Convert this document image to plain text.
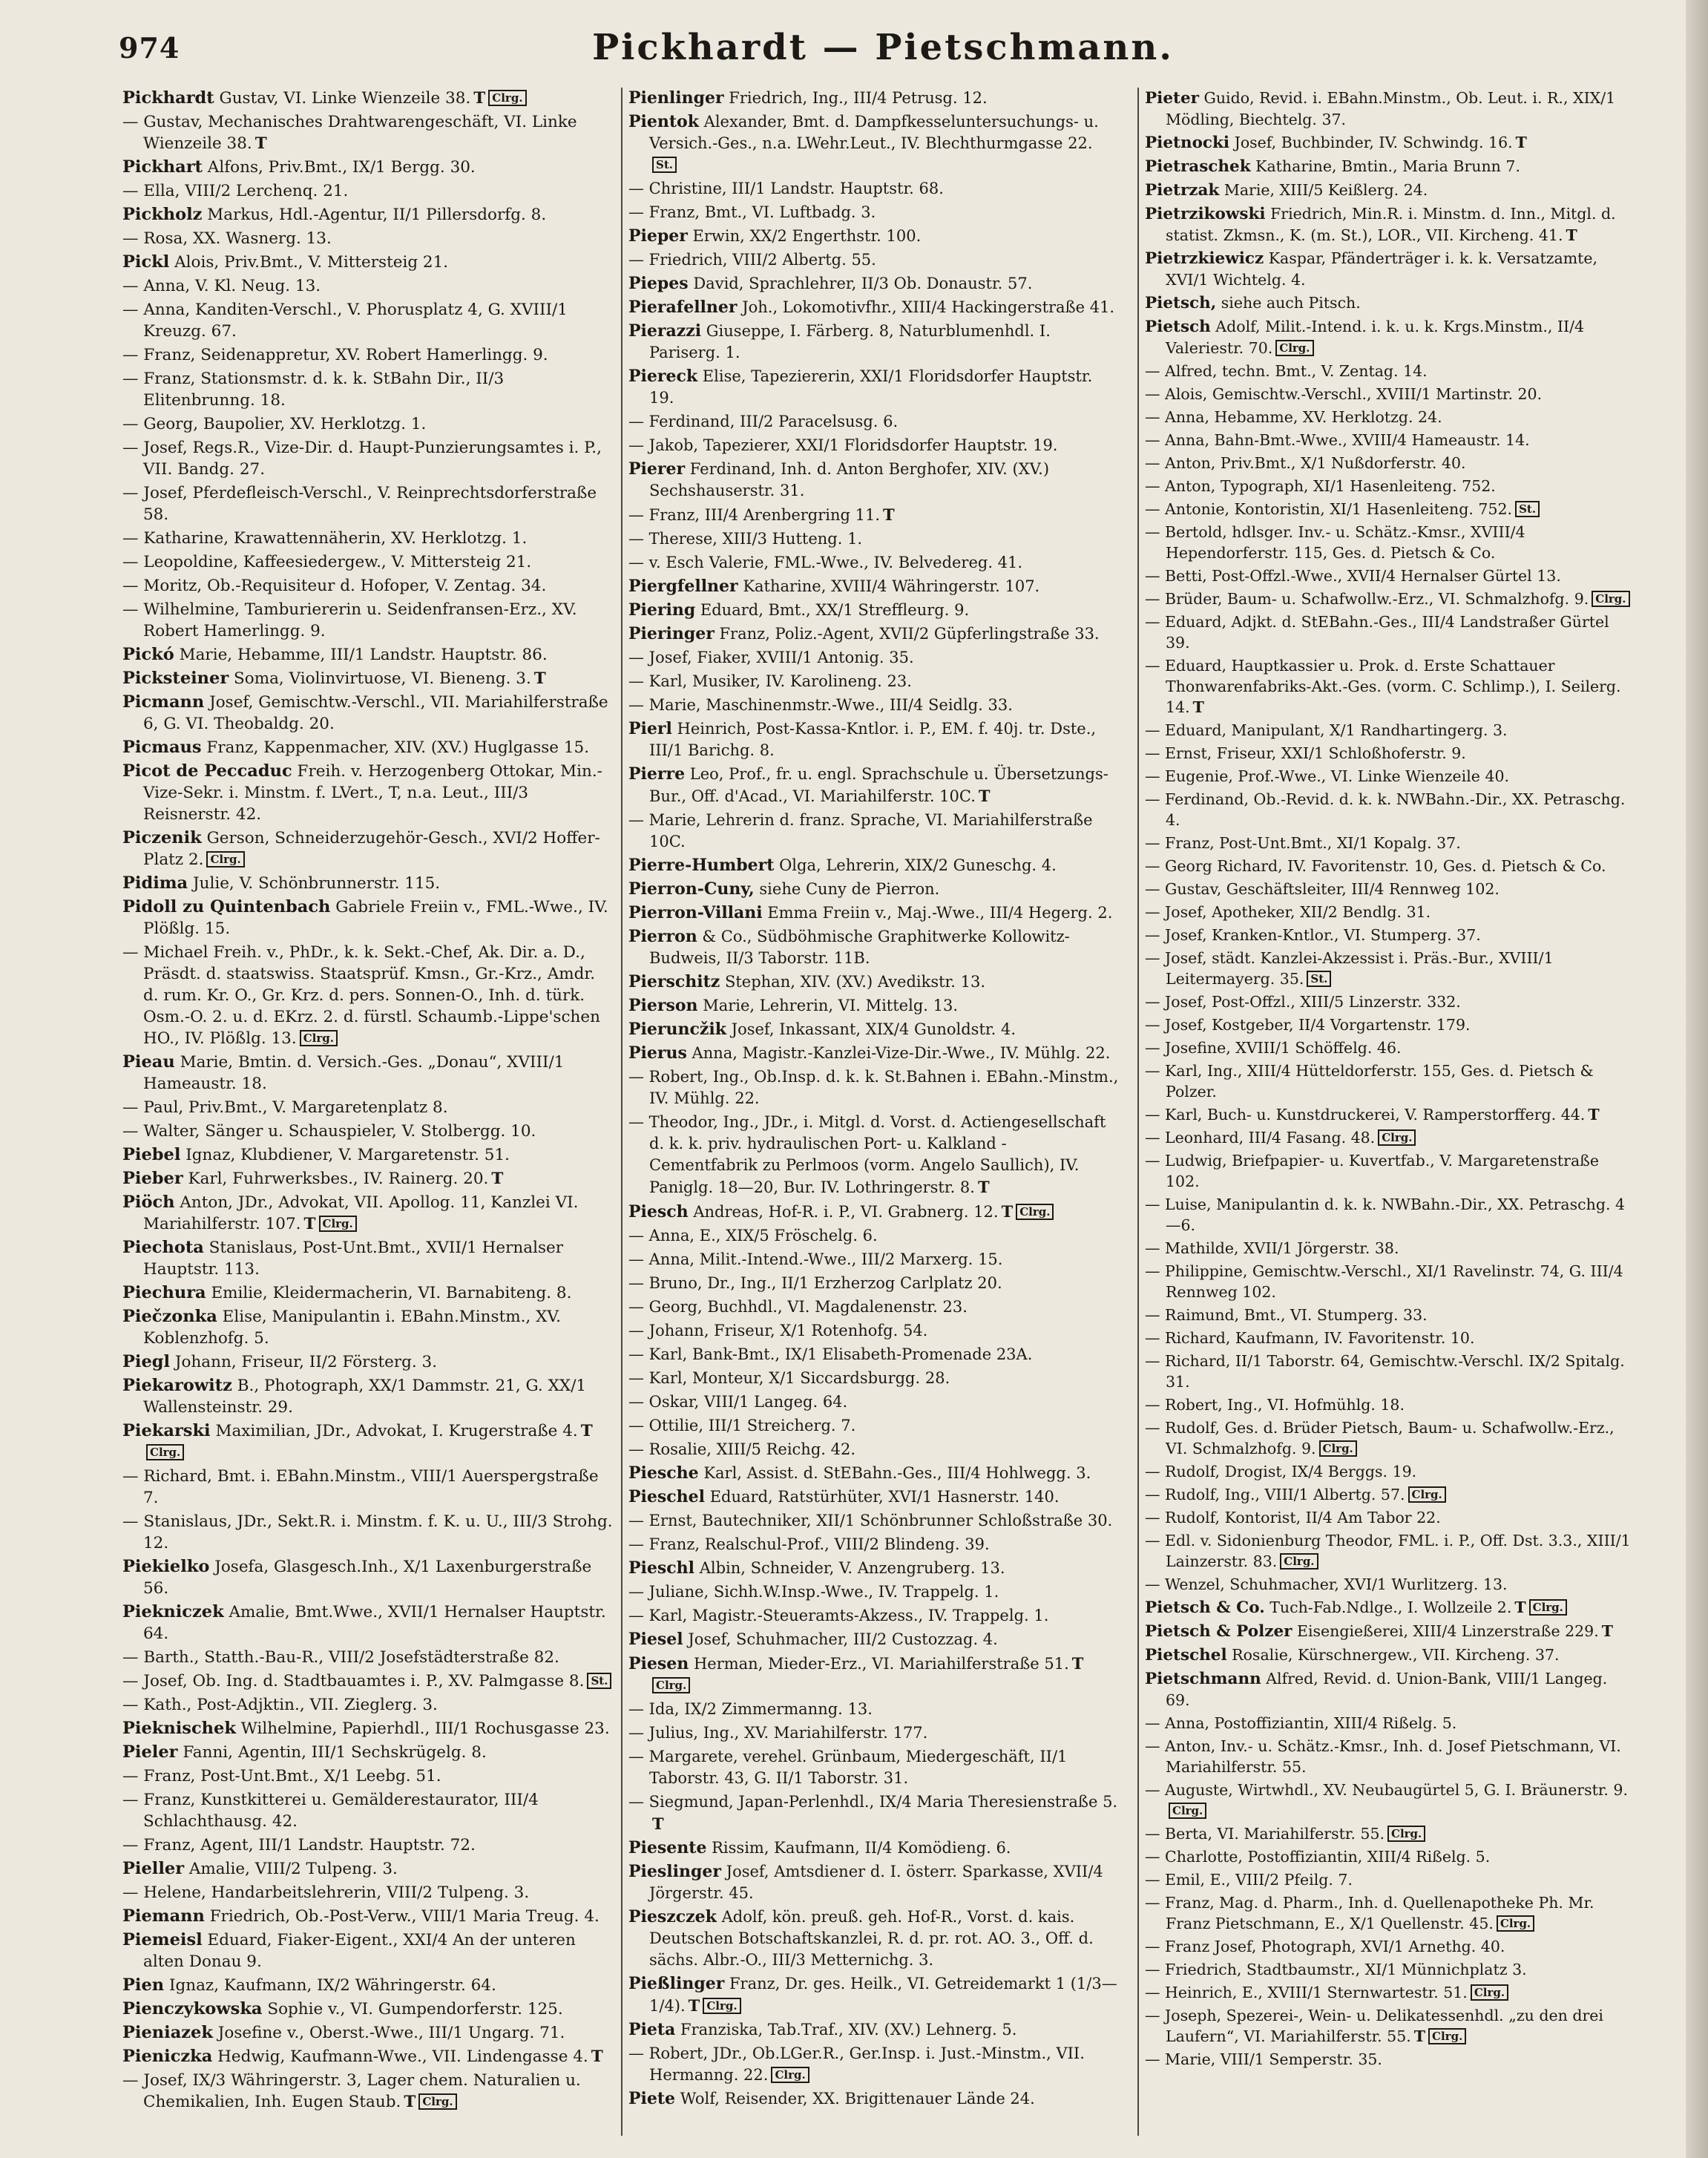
974	Pickhardt — Pietschmann.
Pickhardt Gustav, VI. Linke Wienzeile 38. T Clrg.
— Gustav, Mechanisches Drahtwarengeschäft, VI. Linke Wienzeile 38. T
Pickhart Alfons, Priv.Bmt., IX/1 Bergg. 30.
— Ella, VIII/2 Lerchenq. 21.
Pickholz Markus, Hdl.-Agentur, II/1 Pillersdorfg. 8.
— Rosa, XX. Wasnerg. 13.
Pickl Alois, Priv.Bmt., V. Mittersteig 21.
— Anna, V. Kl. Neug. 13.
— Anna, Kanditen-Verschl., V. Phorusplatz 4, G. XVIII/1 Kreuzg. 67.
— Franz, Seidenappretur, XV. Robert Hamerlingg. 9.
— Franz, Stationsmstr. d. k. k. StBahn Dir., II/3 Elitenbrunng. 18.
— Georg, Baupolier, XV. Herklotzg. 1.
— Josef, Regs.R., Vize-Dir. d. Haupt-Punzierungsamtes i. P., VII. Bandg. 27.
— Josef, Pferdefleisch-Verschl., V. Reinprechtsdorferstraße 58.
— Katharine, Krawattennäherin, XV. Herklotzg. 1.
— Leopoldine, Kaffeesiedergew., V. Mittersteig 21.
— Moritz, Ob.-Requisiteur d. Hofoper, V. Zentag. 34.
— Wilhelmine, Tamburiererin u. Seidenfransen-Erz., XV. Robert Hamerlingg. 9.
Pickó Marie, Hebamme, III/1 Landstr. Hauptstr. 86.
Picksteiner Soma, Violinvirtuose, VI. Bieneng. 3. T
Picmann Josef, Gemischtw.-Verschl., VII. Mariahilferstraße 6, G. VI. Theobaldg. 20.
Picmaus Franz, Kappenmacher, XIV. (XV.) Huglgasse 15.
Picot de Peccaduc Freih. v. Herzogenberg Ottokar, Min.-Vize-Sekr. i. Minstm. f. LVert., T, n.a. Leut., III/3 Reisnerstr. 42.
Piczenik Gerson, Schneiderzugehör-Gesch., XVI/2 Hoffer-Platz 2. Clrg.
Pidima Julie, V. Schönbrunnerstr. 115.
Pidoll zu Quintenbach Gabriele Freiin v., FML.-Wwe., IV. Plößlg. 15.
— Michael Freih. v., PhDr., k. k. Sekt.-Chef, Ak. Dir. a. D., Präsdt. d. staatswiss. Staatsprüf. Kmsn., Gr.-Krz., Amdr. d. rum. Kr. O., Gr. Krz. d. pers. Sonnen-O., Inh. d. türk. Osm.-O. 2. u. d. EKrz. 2. d. fürstl. Schaumb.-Lippe'schen HO., IV. Plößlg. 13. Clrg.
Pieau Marie, Bmtin. d. Versich.-Ges. „Donau“, XVIII/1 Hameaustr. 18.
— Paul, Priv.Bmt., V. Margaretenplatz 8.
— Walter, Sänger u. Schauspieler, V. Stolbergg. 10.
Piebel Ignaz, Klubdiener, V. Margaretenstr. 51.
Pieber Karl, Fuhrwerksbes., IV. Rainerg. 20. T
Piöch Anton, JDr., Advokat, VII. Apollog. 11, Kanzlei VI. Mariahilferstr. 107. T Clrg.
Piechota Stanislaus, Post-Unt.Bmt., XVII/1 Hernalser Hauptstr. 113.
Piechura Emilie, Kleidermacherin, VI. Barnabiteng. 8.
Piečzonka Elise, Manipulantin i. EBahn.Minstm., XV. Koblenzhofg. 5.
Piegl Johann, Friseur, II/2 Försterg. 3.
Piekarowitz B., Photograph, XX/1 Dammstr. 21, G. XX/1 Wallensteinstr. 29.
Piekarski Maximilian, JDr., Advokat, I. Krugerstraße 4. TClrg.
— Richard, Bmt. i. EBahn.Minstm., VIII/1 Auerspergstraße 7.
— Stanislaus, JDr., Sekt.R. i. Minstm. f. K. u. U., III/3 Strohg. 12.
Piekielko Josefa, Glasgesch.Inh., X/1 Laxenburgerstraße 56.
Piekniczek Amalie, Bmt.Wwe., XVII/1 Hernalser Hauptstr. 64.
— Barth., Statth.-Bau-R., VIII/2 Josefstädterstraße 82.
— Josef, Ob. Ing. d. Stadtbauamtes i. P., XV. Palmgasse 8. St.
— Kath., Post-Adjktin., VII. Zieglerg. 3.
Pieknischek Wilhelmine, Papierhdl., III/1 Rochusgasse 23.
Pieler Fanni, Agentin, III/1 Sechskrügelg. 8.
— Franz, Post-Unt.Bmt., X/1 Leebg. 51.
— Franz, Kunstkitterei u. Gemälderestaurator, III/4 Schlachthausg. 42.
— Franz, Agent, III/1 Landstr. Hauptstr. 72.
Pieller Amalie, VIII/2 Tulpeng. 3.
— Helene, Handarbeitslehrerin, VIII/2 Tulpeng. 3.
Piemann Friedrich, Ob.-Post-Verw., VIII/1 Maria Treug. 4.
Piemeisl Eduard, Fiaker-Eigent., XXI/4 An der unteren alten Donau 9.
Pien Ignaz, Kaufmann, IX/2 Währingerstr. 64.
Pienczykowska Sophie v., VI. Gumpendorferstr. 125.
Pieniazek Josefine v., Oberst.-Wwe., III/1 Ungarg. 71.
Pieniczka Hedwig, Kaufmann-Wwe., VII. Lindengasse 4. T
— Josef, IX/3 Währingerstr. 3, Lager chem. Naturalien u. Chemikalien, Inh. Eugen Staub. T Clrg.
Pienlinger Friedrich, Ing., III/4 Petrusg. 12.
Pientok Alexander, Bmt. d. Dampfkesseluntersuchungs- u. Versich.-Ges., n.a. LWehr.Leut., IV. Blechthurmgasse 22.St.
— Christine, III/1 Landstr. Hauptstr. 68.
— Franz, Bmt., VI. Luftbadg. 3.
Pieper Erwin, XX/2 Engerthstr. 100.
— Friedrich, VIII/2 Albertg. 55.
Piepes David, Sprachlehrer, II/3 Ob. Donaustr. 57.
Pierafellner Joh., Lokomotivfhr., XIII/4 Hackingerstraße 41.
Pierazzi Giuseppe, I. Färberg. 8, Naturblumenhdl. I. Pariserg. 1.
Piereck Elise, Tapeziererin, XXI/1 Floridsdorfer Hauptstr. 19.
— Ferdinand, III/2 Paracelsusg. 6.
— Jakob, Tapezierer, XXI/1 Floridsdorfer Hauptstr. 19.
Pierer Ferdinand, Inh. d. Anton Berghofer, XIV. (XV.) Sechshauserstr. 31.
— Franz, III/4 Arenbergring 11. T
— Therese, XIII/3 Hutteng. 1.
— v. Esch Valerie, FML.-Wwe., IV. Belvedereg. 41.
Piergfellner Katharine, XVIII/4 Währingerstr. 107.
Piering Eduard, Bmt., XX/1 Streffleurg. 9.
Pieringer Franz, Poliz.-Agent, XVII/2 Güpferlingstraße 33.
— Josef, Fiaker, XVIII/1 Antonig. 35.
— Karl, Musiker, IV. Karolineng. 23.
— Marie, Maschinenmstr.-Wwe., III/4 Seidlg. 33.
Pierl Heinrich, Post-Kassa-Kntlor. i. P., EM. f. 40j. tr. Dste., III/1 Barichg. 8.
Pierre Leo, Prof., fr. u. engl. Sprachschule u. Übersetzungs-Bur., Off. d'Acad., VI. Mariahilferstr. 10C. T
— Marie, Lehrerin d. franz. Sprache, VI. Mariahilferstraße 10C.
Pierre-Humbert Olga, Lehrerin, XIX/2 Guneschg. 4.
Pierron-Cuny, siehe Cuny de Pierron.
Pierron-Villani Emma Freiin v., Maj.-Wwe., III/4 Hegerg. 2.
Pierron & Co., Südböhmische Graphitwerke Kollowitz-Budweis, II/3 Taborstr. 11B.
Pierschitz Stephan, XIV. (XV.) Avedikstr. 13.
Pierson Marie, Lehrerin, VI. Mittelg. 13.
Pieruncžik Josef, Inkassant, XIX/4 Gunoldstr. 4.
Pierus Anna, Magistr.-Kanzlei-Vize-Dir.-Wwe., IV. Mühlg. 22.
— Robert, Ing., Ob.Insp. d. k. k. St.Bahnen i. EBahn.-Minstm., IV. Mühlg. 22.
— Theodor, Ing., JDr., i. Mitgl. d. Vorst. d. Actiengesellschaft d. k. k. priv. hydraulischen Port- u. Kalkland - Cementfabrik zu Perlmoos (vorm. Angelo Saullich), IV. Paniglg. 18—20, Bur. IV. Lothringerstr. 8. T
Piesch Andreas, Hof-R. i. P., VI. Grabnerg. 12. T Clrg.
— Anna, E., XIX/5 Fröschelg. 6.
— Anna, Milit.-Intend.-Wwe., III/2 Marxerg. 15.
— Bruno, Dr., Ing., II/1 Erzherzog Carlplatz 20.
— Georg, Buchhdl., VI. Magdalenenstr. 23.
— Johann, Friseur, X/1 Rotenhofg. 54.
— Karl, Bank-Bmt., IX/1 Elisabeth-Promenade 23A.
— Karl, Monteur, X/1 Siccardsburgg. 28.
— Oskar, VIII/1 Langeg. 64.
— Ottilie, III/1 Streicherg. 7.
— Rosalie, XIII/5 Reichg. 42.
Piesche Karl, Assist. d. StEBahn.-Ges., III/4 Hohlwegg. 3.
Pieschel Eduard, Ratstürhüter, XVI/1 Hasnerstr. 140.
— Ernst, Bautechniker, XII/1 Schönbrunner Schloßstraße 30.
— Franz, Realschul-Prof., VIII/2 Blindeng. 39.
Pieschl Albin, Schneider, V. Anzengruberg. 13.
— Juliane, Sichh.W.Insp.-Wwe., IV. Trappelg. 1.
— Karl, Magistr.-Steueramts-Akzess., IV. Trappelg. 1.
Piesel Josef, Schuhmacher, III/2 Custozzag. 4.
Piesen Herman, Mieder-Erz., VI. Mariahilferstraße 51. TClrg.
— Ida, IX/2 Zimmermanng. 13.
— Julius, Ing., XV. Mariahilferstr. 177.
— Margarete, verehel. Grünbaum, Miedergeschäft, II/1 Taborstr. 43, G. II/1 Taborstr. 31.
— Siegmund, Japan-Perlenhdl., IX/4 Maria Theresienstraße 5.T
Piesente Rissim, Kaufmann, II/4 Komödieng. 6.
Pieslinger Josef, Amtsdiener d. I. österr. Sparkasse, XVII/4 Jörgerstr. 45.
Pieszczek Adolf, kön. preuß. geh. Hof-R., Vorst. d. kais. Deutschen Botschaftskanzlei, R. d. pr. rot. AO. 3., Off. d. sächs. Albr.-O., III/3 Metternichg. 3.
Pießlinger Franz, Dr. ges. Heilk., VI. Getreidemarkt 1 (1/3—1/4). T Clrg.
Pieta Franziska, Tab.Traf., XIV. (XV.) Lehnerg. 5.
— Robert, JDr., Ob.LGer.R., Ger.Insp. i. Just.-Minstm., VII. Hermanng. 22. Clrg.
Piete Wolf, Reisender, XX. Brigittenauer Lände 24.
Pieter Guido, Revid. i. EBahn.Minstm., Ob. Leut. i. R., XIX/1 Mödling, Biechtelg. 37.
Pietnocki Josef, Buchbinder, IV. Schwindg. 16. T
Pietraschek Katharine, Bmtin., Maria Brunn 7.
Pietrzak Marie, XIII/5 Keißlerg. 24.
Pietrzikowski Friedrich, Min.R. i. Minstm. d. Inn., Mitgl. d. statist. Zkmsn., K. (m. St.), LOR., VII. Kircheng. 41. T
Pietrzkiewicz Kaspar, Pfänderträger i. k. k. Versatzamte, XVI/1 Wichtelg. 4.
Pietsch, siehe auch Pitsch.
Pietsch Adolf, Milit.-Intend. i. k. u. k. Krgs.Minstm., II/4 Valeriestr. 70. Clrg.
— Alfred, techn. Bmt., V. Zentag. 14.
— Alois, Gemischtw.-Verschl., XVIII/1 Martinstr. 20.
— Anna, Hebamme, XV. Herklotzg. 24.
— Anna, Bahn-Bmt.-Wwe., XVIII/4 Hameaustr. 14.
— Anton, Priv.Bmt., X/1 Nußdorferstr. 40.
— Anton, Typograph, XI/1 Hasenleiteng. 752.
— Antonie, Kontoristin, XI/1 Hasenleiteng. 752. St.
— Bertold, hdlsger. Inv.- u. Schätz.-Kmsr., XVIII/4 Hependorferstr. 115, Ges. d. Pietsch & Co.
— Betti, Post-Offzl.-Wwe., XVII/4 Hernalser Gürtel 13.
— Brüder, Baum- u. Schafwollw.-Erz., VI. Schmalzhofg. 9. Clrg.
— Eduard, Adjkt. d. StEBahn.-Ges., III/4 Landstraßer Gürtel 39.
— Eduard, Hauptkassier u. Prok. d. Erste Schattauer Thonwarenfabriks-Akt.-Ges. (vorm. C. Schlimp.), I. Seilerg. 14. T
— Eduard, Manipulant, X/1 Randhartingerg. 3.
— Ernst, Friseur, XXI/1 Schloßhoferstr. 9.
— Eugenie, Prof.-Wwe., VI. Linke Wienzeile 40.
— Ferdinand, Ob.-Revid. d. k. k. NWBahn.-Dir., XX. Petraschg. 4.
— Franz, Post-Unt.Bmt., XI/1 Kopalg. 37.
— Georg Richard, IV. Favoritenstr. 10, Ges. d. Pietsch & Co.
— Gustav, Geschäftsleiter, III/4 Rennweg 102.
— Josef, Apotheker, XII/2 Bendlg. 31.
— Josef, Kranken-Kntlor., VI. Stumperg. 37.
— Josef, städt. Kanzlei-Akzessist i. Präs.-Bur., XVIII/1 Leitermayerg. 35. St.
— Josef, Post-Offzl., XIII/5 Linzerstr. 332.
— Josef, Kostgeber, II/4 Vorgartenstr. 179.
— Josefine, XVIII/1 Schöffelg. 46.
— Karl, Ing., XIII/4 Hütteldorferstr. 155, Ges. d. Pietsch & Polzer.
— Karl, Buch- u. Kunstdruckerei, V. Ramperstorfferg. 44. T
— Leonhard, III/4 Fasang. 48. Clrg.
— Ludwig, Briefpapier- u. Kuvertfab., V. Margaretenstraße 102.
— Luise, Manipulantin d. k. k. NWBahn.-Dir., XX. Petraschg. 4—6.
— Mathilde, XVII/1 Jörgerstr. 38.
— Philippine, Gemischtw.-Verschl., XI/1 Ravelinstr. 74, G. III/4 Rennweg 102.
— Raimund, Bmt., VI. Stumperg. 33.
— Richard, Kaufmann, IV. Favoritenstr. 10.
— Richard, II/1 Taborstr. 64, Gemischtw.-Verschl. IX/2 Spitalg. 31.
— Robert, Ing., VI. Hofmühlg. 18.
— Rudolf, Ges. d. Brüder Pietsch, Baum- u. Schafwollw.-Erz., VI. Schmalzhofg. 9. Clrg.
— Rudolf, Drogist, IX/4 Berggs. 19.
— Rudolf, Ing., VIII/1 Albertg. 57. Clrg.
— Rudolf, Kontorist, II/4 Am Tabor 22.
— Edl. v. Sidonienburg Theodor, FML. i. P., Off. Dst. 3.3., XIII/1 Lainzerstr. 83. Clrg.
— Wenzel, Schuhmacher, XVI/1 Wurlitzerg. 13.
Pietsch & Co. Tuch-Fab.Ndlge., I. Wollzeile 2. T Clrg.
Pietsch & Polzer Eisengießerei, XIII/4 Linzerstraße 229. T
Pietschel Rosalie, Kürschnergew., VII. Kircheng. 37.
Pietschmann Alfred, Revid. d. Union-Bank, VIII/1 Langeg. 69.
— Anna, Postoffiziantin, XIII/4 Rißelg. 5.
— Anton, Inv.- u. Schätz.-Kmsr., Inh. d. Josef Pietschmann, VI. Mariahilferstr. 55.
— Auguste, Wirtwhdl., XV. Neubaugürtel 5, G. I. Bräunerstr. 9.Clrg.
— Berta, VI. Mariahilferstr. 55. Clrg.
— Charlotte, Postoffiziantin, XIII/4 Rißelg. 5.
— Emil, E., VIII/2 Pfeilg. 7.
— Franz, Mag. d. Pharm., Inh. d. Quellenapotheke Ph. Mr. Franz Pietschmann, E., X/1 Quellenstr. 45. Clrg.
— Franz Josef, Photograph, XVI/1 Arnethg. 40.
— Friedrich, Stadtbaumstr., XI/1 Münnichplatz 3.
— Heinrich, E., XVIII/1 Sternwartestr. 51. Clrg.
— Joseph, Spezerei-, Wein- u. Delikatessenhdl. „zu den drei Laufern“, VI. Mariahilferstr. 55. T Clrg.
— Marie, VIII/1 Semperstr. 35.
